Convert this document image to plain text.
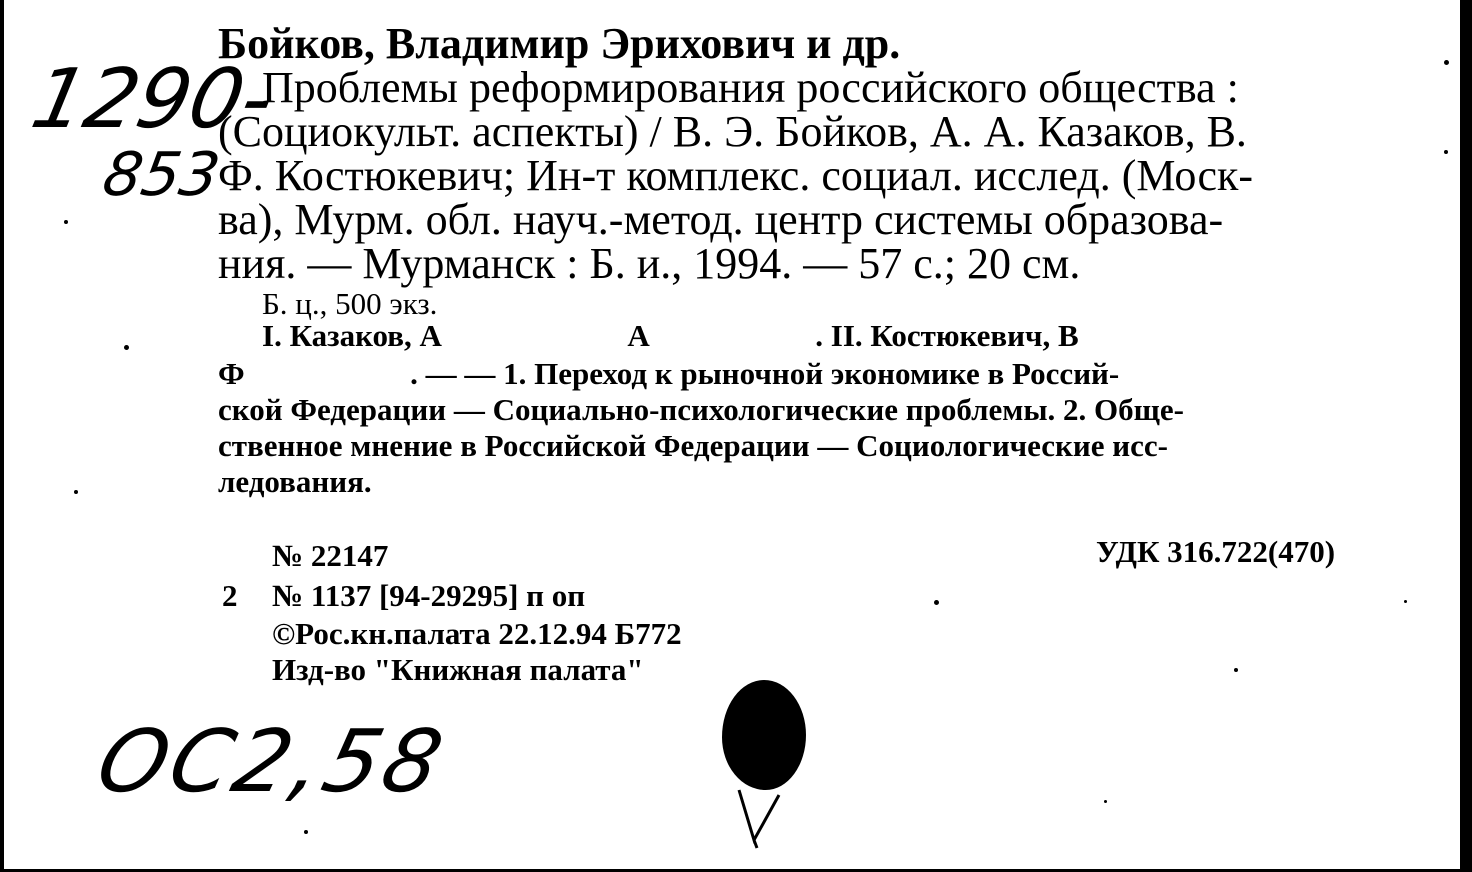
1290-
853
Бойков, Владимир Эрихович и др.
Проблемы реформирования российского общества :
(Социокульт. аспекты) / В. Э. Бойков, А. А. Казаков, В.
Ф. Костюкевич; Ин-т комплекс. социал. исслед. (Моск-
ва), Мурм. обл. науч.-метод. центр системы образова-
ния. — Мурманск : Б. и., 1994. — 57 с.; 20 см.
Б. ц., 500 экз.
I. Казаков, А	А	. II. Костюкевич, В
Ф	. — — 1. Переход к рыночной экономике в Россий-
ской Федерации — Социально-психологические проблемы. 2. Обще-
ственное мнение в Российской Федерации — Социологические исс-
ледования.
№ 22147	УДК 316.722(470)
2 № 1137 [94-29295] п оп
©Рос.кн.палата 22.12.94 Б772
Изд-во "Книжная палата"
ОС2,58
